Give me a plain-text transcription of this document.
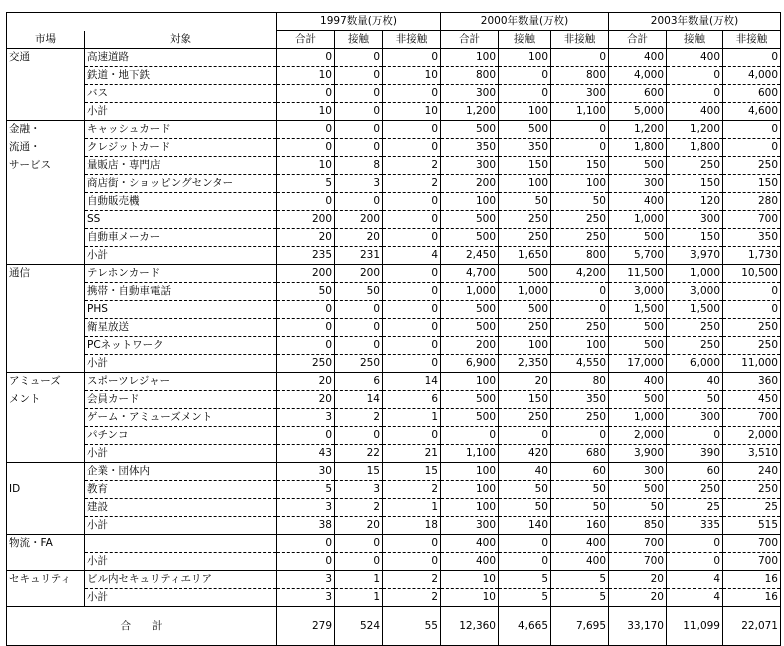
		1997数量(万枚)			2000年数量(万枚)			2003年数量(万枚)		
市場	対象	合計	接触	非接触	合計	接触	非接触	合計	接触	非接触
交通	高速道路	0	0	0	100	100	0	400	400	0
	鉄道・地下鉄	10	0	10	800	0	800	4,000	0	4,000
	バス	0	0	0	300	0	300	600	0	600
	小計	10	0	10	1,200	100	1,100	5,000	400	4,600
金融・	キャッシュカード	0	0	0	500	500	0	1,200	1,200	0
流通・	クレジットカード	0	0	0	350	350	0	1,800	1,800	0
サービス	量販店・専門店	10	8	2	300	150	150	500	250	250
	商店街・ショッピングセンター	5	3	2	200	100	100	300	150	150
	自動販売機	0	0	0	100	50	50	400	120	280
	SS	200	200	0	500	250	250	1,000	300	700
	自動車メーカー	20	20	0	500	250	250	500	150	350
	小計	235	231	4	2,450	1,650	800	5,700	3,970	1,730
通信	テレホンカード	200	200	0	4,700	500	4,200	11,500	1,000	10,500
	携帯・自動車電話	50	50	0	1,000	1,000	0	3,000	3,000	0
	PHS	0	0	0	500	500	0	1,500	1,500	0
	衛星放送	0	0	0	500	250	250	500	250	250
	PCネットワーク	0	0	0	200	100	100	500	250	250
	小計	250	250	0	6,900	2,350	4,550	17,000	6,000	11,000
アミューズ	スポーツレジャー	20	6	14	100	20	80	400	40	360
メント	会員カード	20	14	6	500	150	350	500	50	450
	ゲーム・アミューズメント	3	2	1	500	250	250	1,000	300	700
	パチンコ	0	0	0	0	0	0	2,000	0	2,000
	小計	43	22	21	1,100	420	680	3,900	390	3,510
	企業・団体内	30	15	15	100	40	60	300	60	240
ID	教育	5	3	2	100	50	50	500	250	250
	建設	3	2	1	100	50	50	50	25	25
	小計	38	20	18	300	140	160	850	335	515
物流・FA		0	0	0	400	0	400	700	0	700
	小計	0	0	0	400	0	400	700	0	700
セキュリティ	ビル内セキュリティエリア	3	1	2	10	5	5	20	4	16
	小計	3	1	2	10	5	5	20	4	16
合　　計		279	524	55	12,360	4,665	7,695	33,170	11,099	22,071
